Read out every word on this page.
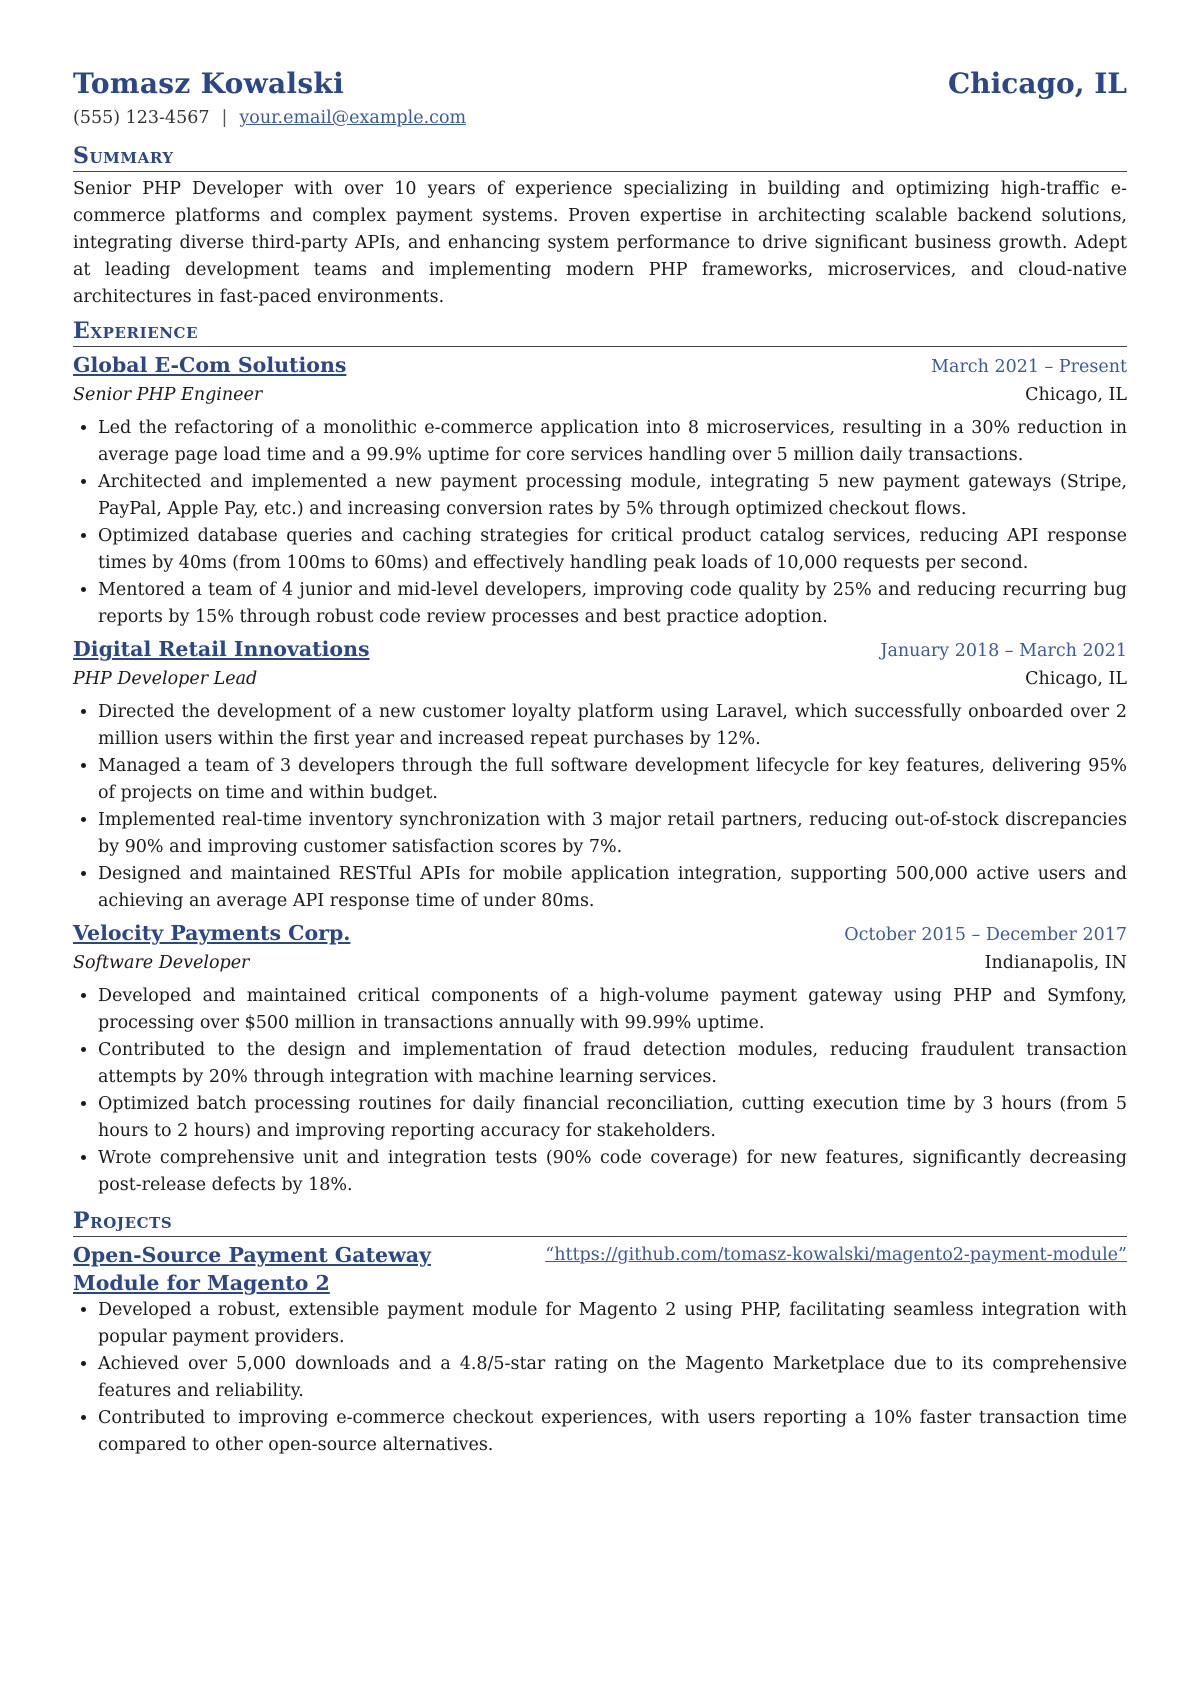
Tomasz Kowalski	Chicago, IL
(555) 123-4567 | your.email@example.com
Summary

Senior PHP Developer with over 10 years of experience specializing in building and optimizing high-traffic e-commerce platforms and complex payment systems. Proven expertise in architecting scalable backend solutions, integrating diverse third-party APIs, and enhancing system performance to drive significant business growth. Adept at leading development teams and implementing modern PHP frameworks, microservices, and cloud-native architectures in fast-paced environments.

Experience
Global E-Com Solutions	March 2021 – Present
Senior PHP Engineer	Chicago, IL
• Led the refactoring of a monolithic e-commerce application into 8 microservices, resulting in a 30% reduction in average page load time and a 99.9% uptime for core services handling over 5 million daily transactions.
• Architected and implemented a new payment processing module, integrating 5 new payment gateways (Stripe, PayPal, Apple Pay, etc.) and increasing conversion rates by 5% through optimized checkout flows.
• Optimized database queries and caching strategies for critical product catalog services, reducing API response times by 40ms (from 100ms to 60ms) and effectively handling peak loads of 10,000 requests per second.
• Mentored a team of 4 junior and mid-level developers, improving code quality by 25% and reducing recurring bug reports by 15% through robust code review processes and best practice adoption.
Digital Retail Innovations	January 2018 – March 2021
PHP Developer Lead	Chicago, IL
• Directed the development of a new customer loyalty platform using Laravel, which successfully onboarded over 2 million users within the first year and increased repeat purchases by 12%.
• Managed a team of 3 developers through the full software development lifecycle for key features, delivering 95% of projects on time and within budget.
• Implemented real-time inventory synchronization with 3 major retail partners, reducing out-of-stock discrepancies by 90% and improving customer satisfaction scores by 7%.
• Designed and maintained RESTful APIs for mobile application integration, supporting 500,000 active users and achieving an average API response time of under 80ms.
Velocity Payments Corp.	October 2015 – December 2017
Software Developer	Indianapolis, IN
• Developed and maintained critical components of a high-volume payment gateway using PHP and Symfony, processing over $500 million in transactions annually with 99.99% uptime.
• Contributed to the design and implementation of fraud detection modules, reducing fraudulent transaction attempts by 20% through integration with machine learning services.
• Optimized batch processing routines for daily financial reconciliation, cutting execution time by 3 hours (from 5 hours to 2 hours) and improving reporting accuracy for stakeholders.
• Wrote comprehensive unit and integration tests (90% code coverage) for new features, significantly decreasing post-release defects by 18%.
Projects
Open-Source Payment Gateway Module for Magento 2
“https://github.com/tomasz-kowalski/magento2-payment-module”
• Developed a robust, extensible payment module for Magento 2 using PHP, facilitating seamless integration with popular payment providers.
• Achieved over 5,000 downloads and a 4.8/5-star rating on the Magento Marketplace due to its comprehensive features and reliability.
• Contributed to improving e-commerce checkout experiences, with users reporting a 10% faster transaction time compared to other open-source alternatives.
